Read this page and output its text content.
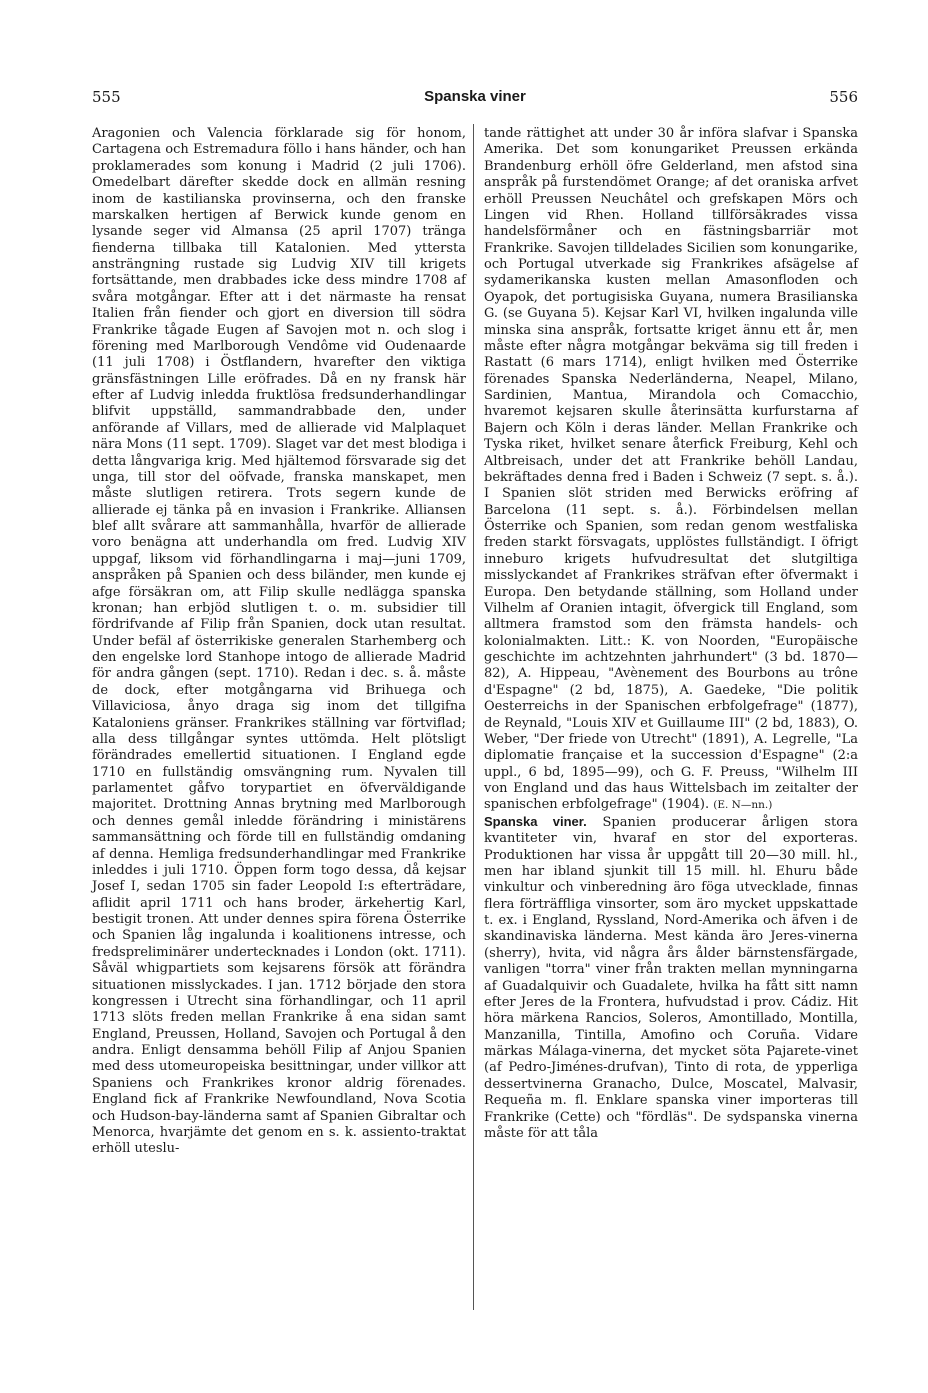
555	Spanska viner	556

Aragonien och Valencia förklarade sig för honom, Cartagena och Estremadura föllo i hans händer, och han proklamerades som konung i Madrid (2 juli 1706). Omedelbart därefter skedde dock en allmän resning inom de kastilianska provinserna, och den franske marskalken hertigen af Berwick kunde genom en lysande seger vid Almansa (25 april 1707) tränga fienderna tillbaka till Katalonien. Med yttersta ansträngning rustade sig Ludvig XIV till krigets fortsättande, men drabbades icke dess mindre 1708 af svåra motgångar. Efter att i det närmaste ha rensat Italien från fiender och gjort en diversion till södra Frankrike tågade Eugen af Savojen mot n. och slog i förening med Marlborough Vendôme vid Oudenaarde (11 juli 1708) i Östflandern, hvarefter den viktiga gränsfästningen Lille eröfrades. Då en ny fransk här efter af Ludvig inledda fruktlösa fredsunderhandlingar blifvit uppställd, sammandrabbade den, under anförande af Villars, med de allierade vid Malplaquet nära Mons (11 sept. 1709). Slaget var det mest blodiga i detta långvariga krig. Med hjältemod försvarade sig det unga, till stor del oöfvade, franska manskapet, men måste slutligen retirera. Trots segern kunde de allierade ej tänka på en invasion i Frankrike. Alliansen blef allt svårare att sammanhålla, hvarför de allierade voro benägna att underhandla om fred. Ludvig XIV uppgaf, liksom vid förhandlingarna i maj—juni 1709, anspråken på Spanien och dess biländer, men kunde ej afge försäkran om, att Filip skulle nedlägga spanska kronan; han erbjöd slutligen t. o. m. subsidier till fördrifvande af Filip från Spanien, dock utan resultat. Under befäl af österrikiske generalen Starhemberg och den engelske lord Stanhope intogo de allierade Madrid för andra gången (sept. 1710). Redan i dec. s. å. måste de dock, efter motgångarna vid Brihuega och Villaviciosa, ånyo draga sig inom det tillgifna Kataloniens gränser. Frankrikes ställning var förtviflad; alla dess tillgångar syntes uttömda. Helt plötsligt förändrades emellertid situationen. I England egde 1710 en fullständig omsvängning rum. Nyvalen till parlamentet gåfvo torypartiet en öfverväldigande majoritet. Drottning Annas brytning med Marlborough och dennes gemål inledde förändring i ministärens sammansättning och förde till en fullständig omdaning af denna. Hemliga fredsunderhandlingar med Frankrike inleddes i juli 1710. Öppen form togo dessa, då kejsar Josef I, sedan 1705 sin fader Leopold I:s efterträdare, aflidit april 1711 och hans broder, ärkehertig Karl, bestigit tronen. Att under dennes spira förena Österrike och Spanien låg ingalunda i koalitionens intresse, och fredspreliminärer undertecknades i London (okt. 1711). Såväl whigpartiets som kejsarens försök att förändra situationen misslyckades. I jan. 1712 började den stora kongressen i Utrecht sina förhandlingar, och 11 april 1713 slöts freden mellan Frankrike å ena sidan samt England, Preussen, Holland, Savojen och Portugal å den andra. Enligt densamma behöll Filip af Anjou Spanien med dess utomeuropeiska besittningar, under villkor att Spaniens och Frankrikes kronor aldrig förenades. England fick af Frankrike Newfoundland, Nova Scotia och Hudson-bay-länderna samt af Spanien Gibraltar och Menorca, hvarjämte det genom en s. k. assiento-traktat erhöll uteslu-

tande rättighet att under 30 år införa slafvar i Spanska Amerika. Det som konungariket Preussen erkända Brandenburg erhöll öfre Gelderland, men afstod sina anspråk på furstendömet Orange; af det oraniska arfvet erhöll Preussen Neuchâtel och grefskapen Mörs och Lingen vid Rhen. Holland tillförsäkrades vissa handelsförmåner och en fästningsbarriär mot Frankrike. Savojen tilldelades Sicilien som konungarike, och Portugal utverkade sig Frankrikes afsägelse af sydamerikanska kusten mellan Amasonfloden och Oyapok, det portugisiska Guyana, numera Brasilianska G. (se Guyana 5). Kejsar Karl VI, hvilken ingalunda ville minska sina anspråk, fortsatte kriget ännu ett år, men måste efter några motgångar bekväma sig till freden i Rastatt (6 mars 1714), enligt hvilken med Österrike förenades Spanska Nederländerna, Neapel, Milano, Sardinien, Mantua, Mirandola och Comacchio, hvaremot kejsaren skulle återinsätta kurfurstarna af Bajern och Köln i deras länder. Mellan Frankrike och Tyska riket, hvilket senare återfick Freiburg, Kehl och Altbreisach, under det att Frankrike behöll Landau, bekräftades denna fred i Baden i Schweiz (7 sept. s. å.). I Spanien slöt striden med Berwicks eröfring af Barcelona (11 sept. s. å.). Förbindelsen mellan Österrike och Spanien, som redan genom westfaliska freden starkt försvagats, upplöstes fullständigt. I öfrigt inneburo krigets hufvudresultat det slutgiltiga misslyckandet af Frankrikes sträfvan efter öfvermakt i Europa. Den betydande ställning, som Holland under Vilhelm af Oranien intagit, öfvergick till England, som alltmera framstod som den främsta handels- och kolonialmakten. Litt.: K. von Noorden, "Europäische geschichte im achtzehnten jahrhundert" (3 bd. 1870—82), A. Hippeau, "Avènement des Bourbons au trône d'Espagne" (2 bd, 1875), A. Gaedeke, "Die politik Oesterreichs in der Spanischen erbfolgefrage" (1877), de Reynald, "Louis XIV et Guillaume III" (2 bd, 1883), O. Weber, "Der friede von Utrecht" (1891), A. Legrelle, "La diplomatie française et la succession d'Espagne" (2:a uppl., 6 bd, 1895—99), och G. F. Preuss, "Wilhelm III von England und das haus Wittelsbach im zeitalter der spanischen erbfolgefrage" (1904). (E. N—nn.)

Spanska viner. Spanien producerar årligen stora kvantiteter vin, hvaraf en stor del exporteras. Produktionen har vissa år uppgått till 20—30 mill. hl., men har ibland sjunkit till 15 mill. hl. Ehuru både vinkultur och vinberedning äro föga utvecklade, finnas flera förträffliga vinsorter, som äro mycket uppskattade t. ex. i England, Ryssland, Nord-Amerika och äfven i de skandinaviska länderna. Mest kända äro Jeres-vinerna (sherry), hvita, vid några års ålder bärnstensfärgade, vanligen "torra" viner från trakten mellan mynningarna af Guadalquivir och Guadalete, hvilka ha fått sitt namn efter Jeres de la Frontera, hufvudstad i prov. Cádiz. Hit höra märkena Rancios, Soleros, Amontillado, Montilla, Manzanilla, Tintilla, Amofino och Coruña. Vidare märkas Málaga-vinerna, det mycket söta Pajarete-vinet (af Pedro-Jiménes-drufvan), Tinto di rota, de ypperliga dessertvinerna Granacho, Dulce, Moscatel, Malvasir, Requeña m. fl. Enklare spanska viner importeras till Frankrike (Cette) och "fördläs". De sydspanska vinerna måste för att tåla
